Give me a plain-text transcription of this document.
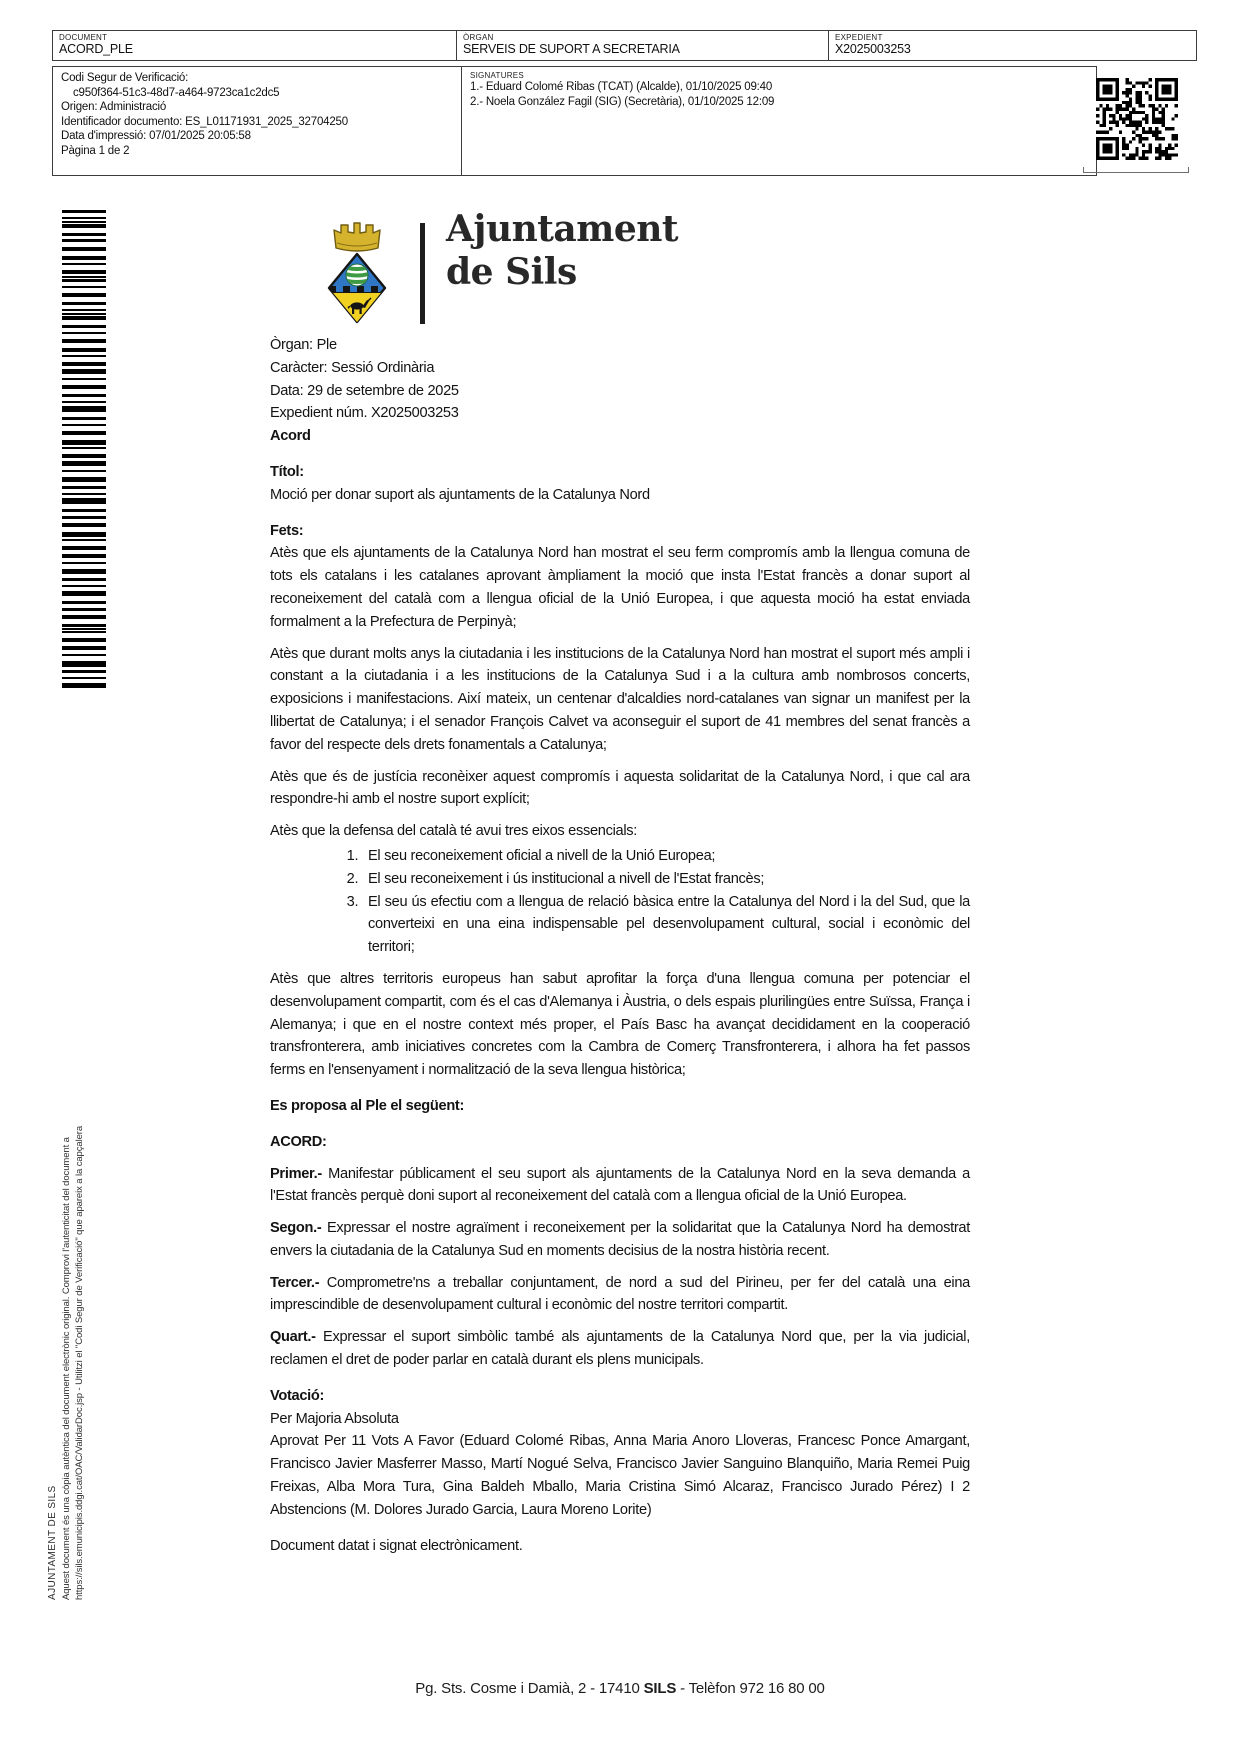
DOCUMENT
ACORD_PLE
ÒRGAN
SERVEIS DE SUPORT A SECRETARIA
EXPEDIENT
X2025003253
Codi Segur de Verificació:
c950f364-51c3-48d7-a464-9723ca1c2dc5
Origen: Administració
Identificador documento: ES_L01171931_2025_32704250
Data d'impressió: 07/01/2025 20:05:58
Pàgina 1 de 2
SIGNATURES
1.- Eduard Colomé Ribas (TCAT) (Alcalde), 01/10/2025 09:40
2.- Noela González Fagil (SIG) (Secretària), 01/10/2025 12:09
AJUNTAMENT DE SILS Aquest document és una còpia autèntica del document electrònic original. Comprovi l'autenticitat del document a https://sils.emunicipis.ddgi.cat/OAC/ValidarDoc.jsp - Utilitzi el "Codi Segur de Verificació" que apareix a la capçalera
Ajuntament
de Sils
Òrgan: Ple
Caràcter: Sessió Ordinària
Data: 29 de setembre de 2025
Expedient núm. X2025003253
Acord

Títol:

Moció per donar suport als ajuntaments de la Catalunya Nord

Fets:

Atès que els ajuntaments de la Catalunya Nord han mostrat el seu ferm compromís amb la llengua comuna de tots els catalans i les catalanes aprovant àmpliament la moció que insta l'Estat francès a donar suport al reconeixement del català com a llengua oficial de la Unió Europea, i que aquesta moció ha estat enviada formalment a la Prefectura de Perpinyà;

Atès que durant molts anys la ciutadania i les institucions de la Catalunya Nord han mostrat el suport més ampli i constant a la ciutadania i a les institucions de la Catalunya Sud i a la cultura amb nombrosos concerts, exposicions i manifestacions. Així mateix, un centenar d'alcaldies nord-catalanes van signar un manifest per la llibertat de Catalunya; i el senador François Calvet va aconseguir el suport de 41 membres del senat francès a favor del respecte dels drets fonamentals a Catalunya;

Atès que és de justícia reconèixer aquest compromís i aquesta solidaritat de la Catalunya Nord, i que cal ara respondre-hi amb el nostre suport explícit;

Atès que la defensa del català té avui tres eixos essencials:

1. El seu reconeixement oficial a nivell de la Unió Europea;
2. El seu reconeixement i ús institucional a nivell de l'Estat francès;
3. El seu ús efectiu com a llengua de relació bàsica entre la Catalunya del Nord i la del Sud, que la converteixi en una eina indispensable pel desenvolupament cultural, social i econòmic del territori;

Atès que altres territoris europeus han sabut aprofitar la força d'una llengua comuna per potenciar el desenvolupament compartit, com és el cas d'Alemanya i Àustria, o dels espais plurilingües entre Suïssa, França i Alemanya; i que en el nostre context més proper, el País Basc ha avançat decididament en la cooperació transfronterera, amb iniciatives concretes com la Cambra de Comerç Transfronterera, i alhora ha fet passos ferms en l'ensenyament i normalització de la seva llengua històrica;

Es proposa al Ple el següent:

ACORD:

Primer.- Manifestar públicament el seu suport als ajuntaments de la Catalunya Nord en la seva demanda a l'Estat francès perquè doni suport al reconeixement del català com a llengua oficial de la Unió Europea.

Segon.- Expressar el nostre agraïment i reconeixement per la solidaritat que la Catalunya Nord ha demostrat envers la ciutadania de la Catalunya Sud en moments decisius de la nostra història recent.

Tercer.- Comprometre'ns a treballar conjuntament, de nord a sud del Pirineu, per fer del català una eina imprescindible de desenvolupament cultural i econòmic del nostre territori compartit.

Quart.- Expressar el suport simbòlic també als ajuntaments de la Catalunya Nord que, per la via judicial, reclamen el dret de poder parlar en català durant els plens municipals.

Votació:

Per Majoria Absoluta

Aprovat Per 11 Vots A Favor (Eduard Colomé Ribas, Anna Maria Anoro Lloveras, Francesc Ponce Amargant, Francisco Javier Masferrer Masso, Martí Nogué Selva, Francisco Javier Sanguino Blanquiño, Maria Remei Puig Freixas, Alba Mora Tura, Gina Baldeh Mballo, Maria Cristina Simó Alcaraz, Francisco Jurado Pérez) I 2 Abstencions (M. Dolores Jurado Garcia, Laura Moreno Lorite)

Document datat i signat electrònicament.

Pg. Sts. Cosme i Damià, 2 - 17410 SILS - Telèfon 972 16 80 00
